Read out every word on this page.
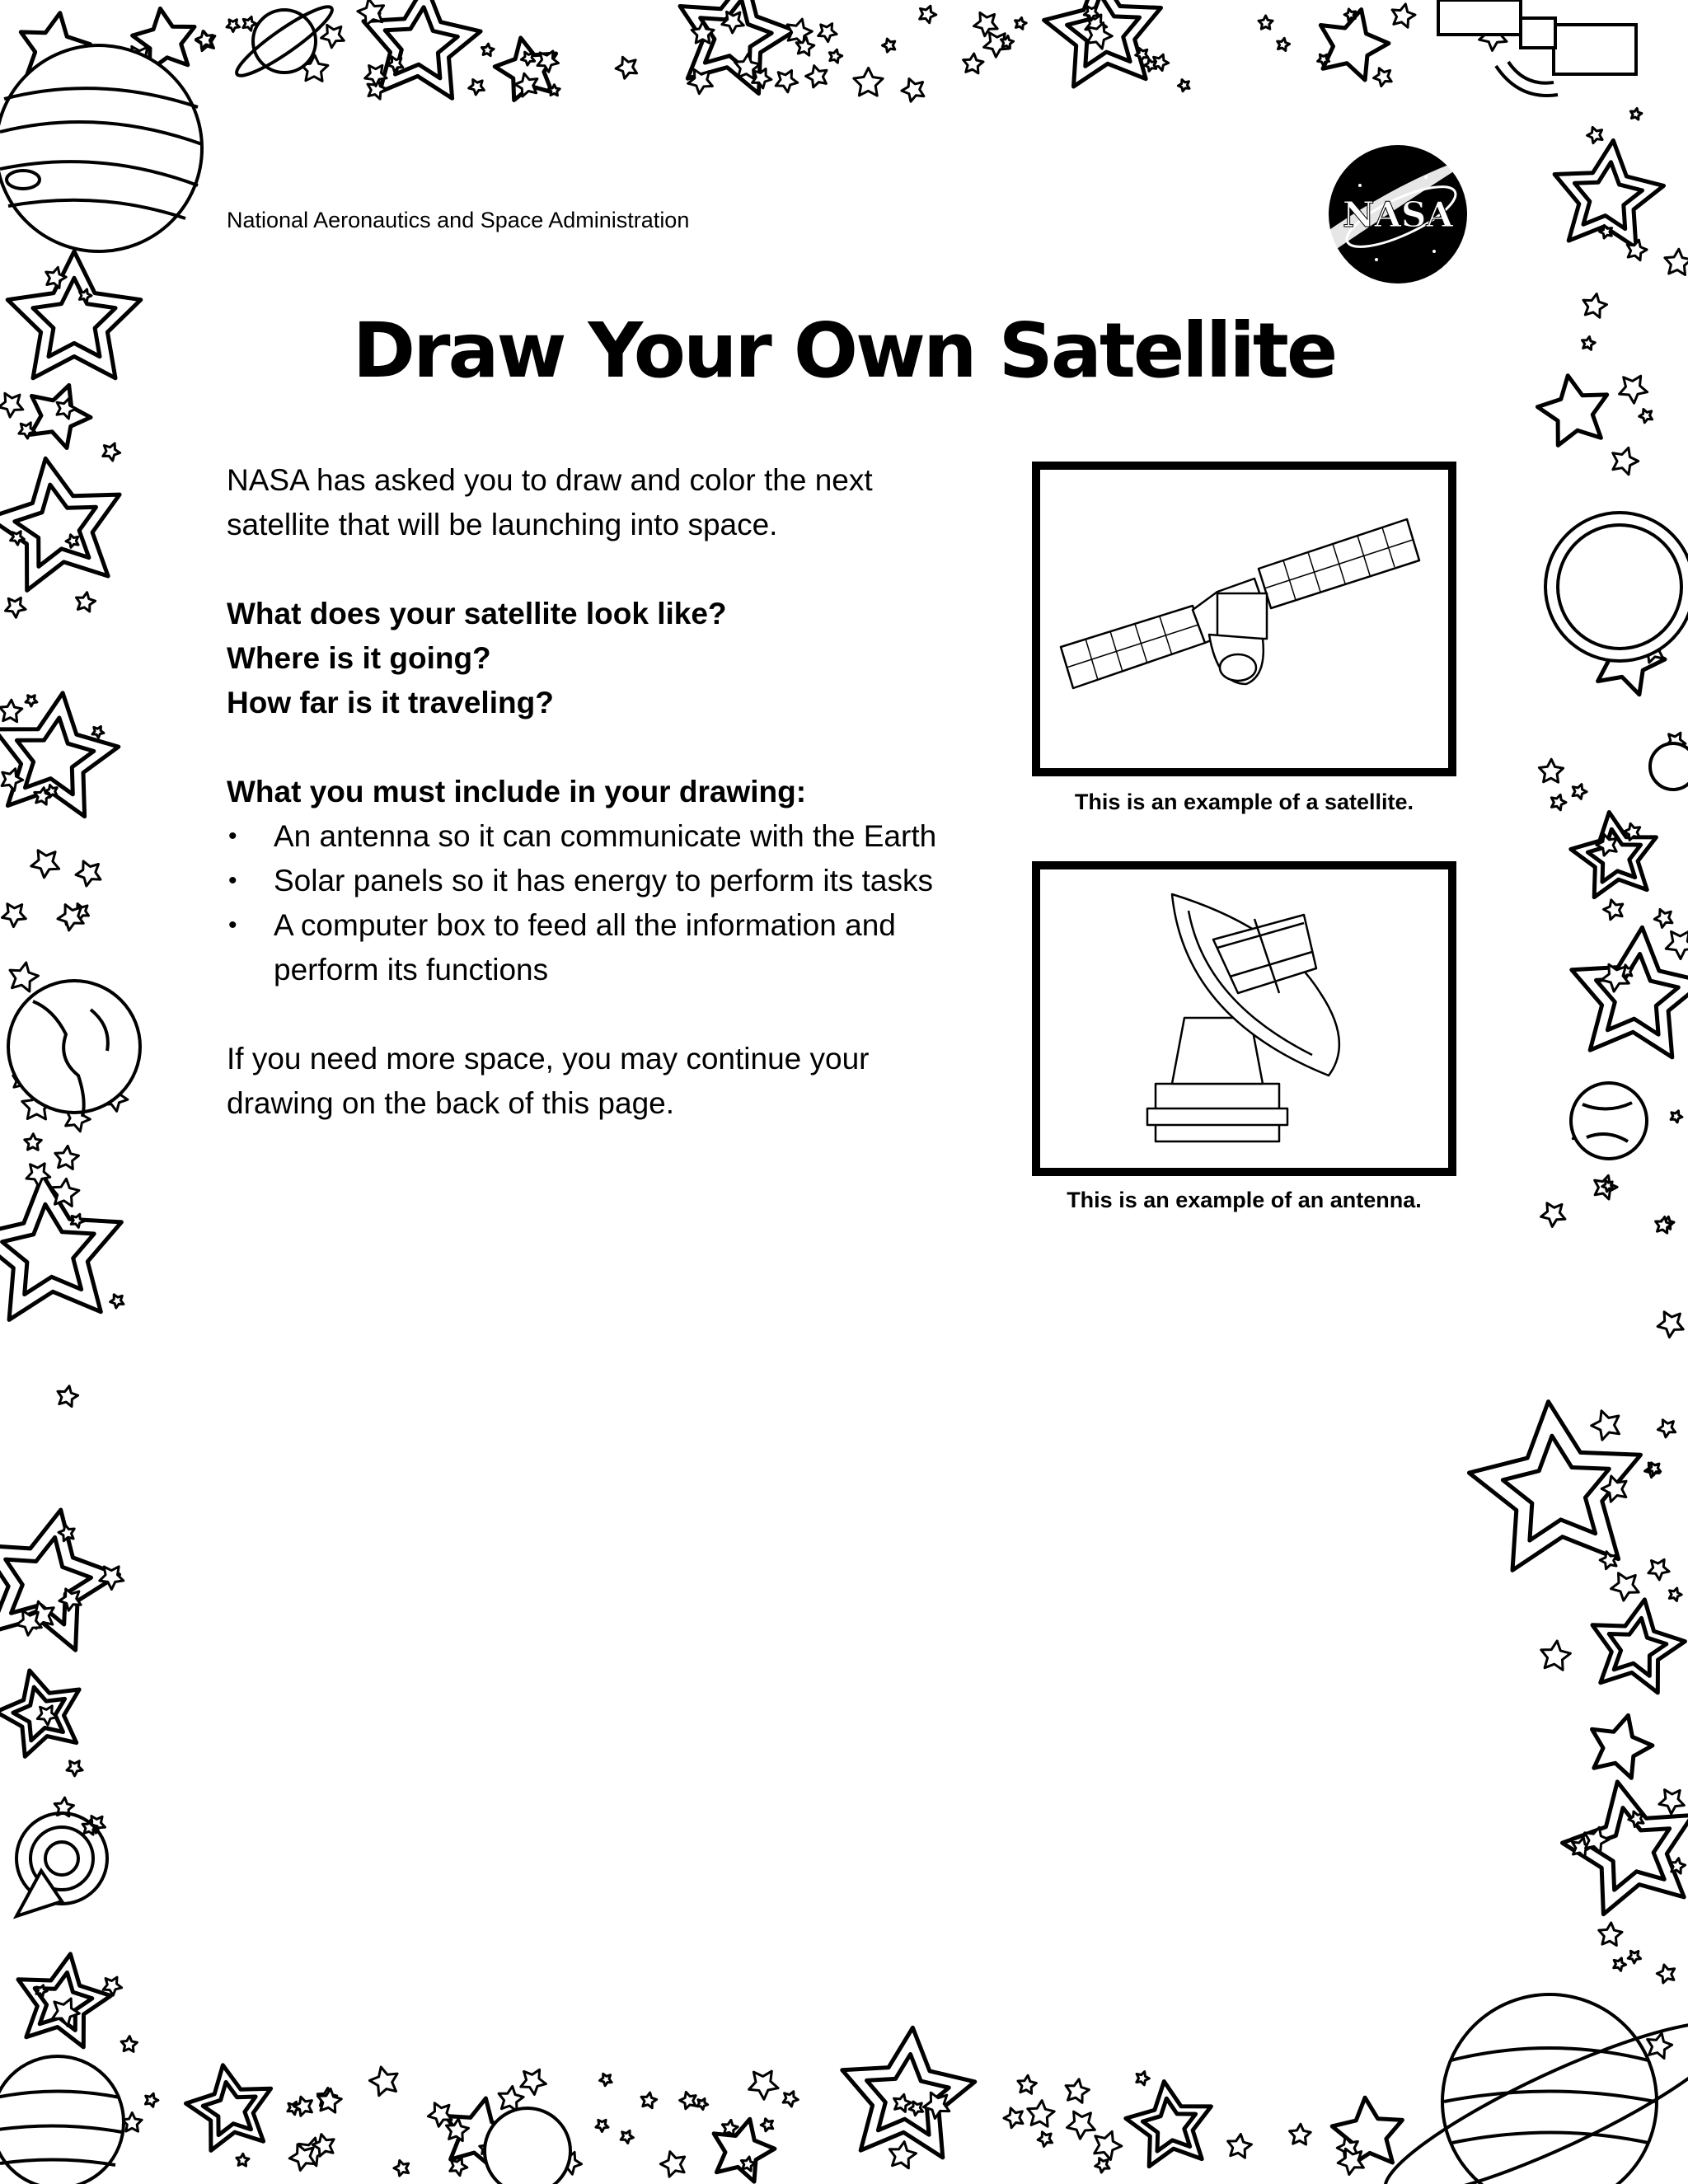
National Aeronautics and Space Administration	NASA
Draw Your Own Satellite

NASA has asked you to draw and color the next

satellite that will be launching into space.

What does your satellite look like?

Where is it going?

How far is it traveling?

What you must include in your drawing:

• An antenna so it can communicate with the Earth
• Solar panels so it has energy to perform its tasks
• A computer box to feed all the information and
perform its functions

If you need more space, you may continue your

drawing on the back of this page.

This is an example of a satellite.
This is an example of an antenna.
